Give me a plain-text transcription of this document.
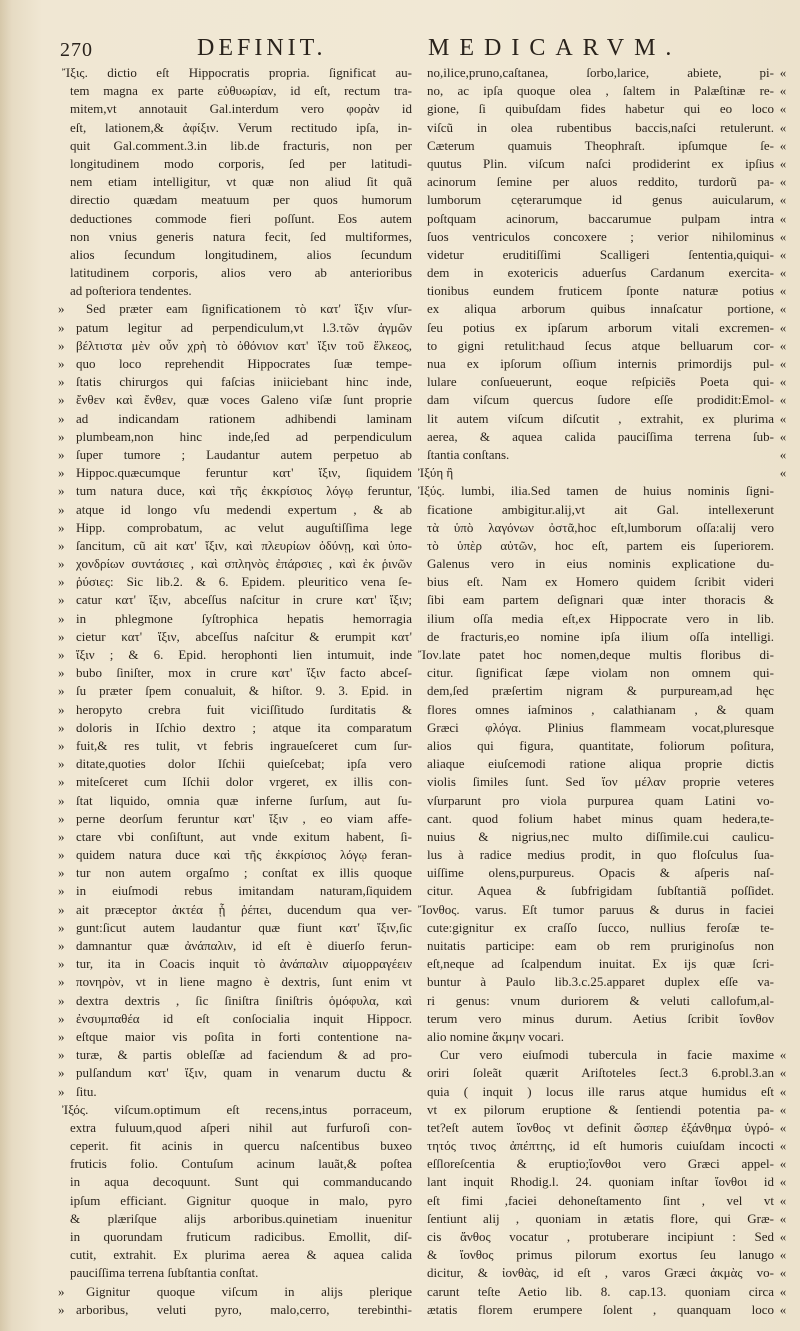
270	DEFINIT.	MEDICARVM.
Ἴξις. dictio eſt Hippocratis propria. ſignificat au-
tem magna ex parte εὐθυωρίαν, id eſt, rectum tra-
mitem,vt annotauit Gal.interdum vero φορὰν id
eſt, lationem,& ἀφίξιν. Verum rectitudo ipſa, in-
quit Gal.comment.3.in lib.de fracturis, non per
longitudinem modo corporis, ſed per latitudi-
nem etiam intelligitur, vt quæ non aliud ſit quã
directio quædam meatuum per quos humorum
deductiones commode fieri poſſunt. Eos autem
non vnius generis natura fecit, ſed multiformes,
alios ſecundum longitudinem, alios ſecundum
latitudinem corporis, alios vero ab anterioribus
ad poſteriora tendentes.
»	Sed præter eam ſignificationem τὸ κατ' ἴξιν vſur-
» patum legitur ad perpendiculum,vt l.3.τῶν ἀγμῶν
» βέλτιστα μὲν οὖν χρὴ τὸ ὀθόνιον κατ' ἴξιν τοῦ ἕλκεος,
» quo loco reprehendit Hippocrates ſuæ tempe-
» ſtatis chirurgos qui faſcias iniiciebant hinc inde,
» ἔνθεν καὶ ἔνθεν, quæ voces Galeno viſæ ſunt proprie
» ad indicandam rationem adhibendi laminam
» plumbeam,non hinc inde,ſed ad perpendiculum
» ſuper tumore ; Laudantur autem perpetuo ab
» Hippoc.quæcumque feruntur κατ' ἴξιν, ſiquidem
» tum natura duce, καὶ τῆς ἐκκρίσιος λόγῳ feruntur,
» atque id longo vſu medendi expertum , & ab
» Hipp. comprobatum, ac velut auguſtiſſima lege
» ſancitum, cũ ait κατ' ἴξιν, καὶ πλευρίων ὀδύνῃ, καὶ ὑπο-
» χονδρίων συντάσιες , καὶ σπληνὸς ἐπάρσιες , καὶ ἐκ ῥινῶν
» ῥύσιες: Sic lib.2. & 6. Epidem. pleuritico vena ſe-
» catur κατ' ἴξιν, abceſſus naſcitur in crure κατ' ἴξιν;
» in phlegmone ſyſtrophica hepatis hemorragia
» cietur κατ' ἴξιν, abceſſus naſcitur & erumpit κατ'
» ἴξιν ; & 6. Epid. herophonti lien intumuit, inde
» bubo ſiniſter, mox in crure κατ' ἴξιν facto abceſ-
» ſu præter ſpem conualuit, & hiſtor. 9. 3. Epid. in
» heropyto crebra fuit viciſſitudo ſurditatis &
» doloris in Iſchio dextro ; atque ita comparatum
» fuit,& res tulit, vt febris ingraueſceret cum ſur-
» ditate,quoties dolor Iſchii quieſcebat; ipſa vero
» miteſceret cum Iſchii dolor vrgeret, ex illis con-
» ſtat liquido, omnia quæ inferne ſurſum, aut ſu-
» perne deorſum feruntur κατ' ἴξιν , eo viam affe-
» ctare vbi conſiſtunt, aut vnde exitum habent, ſi-
» quidem natura duce καὶ τῆς ἐκκρίσιος λόγῳ feran-
» tur non autem orgaſmo ; conſtat ex illis quoque
» in eiuſmodi rebus imitandam naturam,ſiquidem
» ait præceptor ἀκτέα ᾗ ῥέπει, ducendum qua ver-
» gunt:ſicut autem laudantur quæ fiunt κατ' ἴξιν,ſic
» damnantur quæ ἀνάπαλιν, id eſt è diuerſo ferun-
» tur, ita in Coacis inquit τὸ ἀνάπαλιν αἱμορραγέειν
» πονηρὸν, vt in liene magno è dextris, ſunt enim vt
» dextra dextris , ſic ſiniſtra ſiniſtris ὁμόφυλα, καὶ
» ἐνσυμπαθέα id eſt conſocialia inquit Hippocr.
» eſtque maior vis poſita in forti contentione na-
» turæ, & partis obleſſæ ad faciendum & ad pro-
» pulſandum κατ' ἴξιν, quam in venarum ductu &
» ſitu.
Ἰξός. viſcum.optimum eſt recens,intus porraceum,
extra fuluum,quod aſperi nihil aut furfuroſi con-
ceperit. fit acinis in quercu naſcentibus buxeo
fruticis folio. Contuſum acinum lauãt,& poſtea
in aqua decoquunt. Sunt qui commanducando
ipſum efficiant. Gignitur quoque in malo, pyro
& plæriſque alijs arboribus.quinetiam inuenitur
in quorundam fruticum radicibus. Emollit, diſ-
cutit, extrahit. Ex plurima aerea & aquea calida
pauciſſima terrena ſubſtantia conſtat.
»	Gignitur quoque viſcum in alijs plerique
» arboribus, veluti pyro, malo,cerro, terebinthi-
no,ilice,pruno,caſtanea, ſorbo,larice, abiete, pi- «
no, ac ipſa quoque olea , ſaltem in Palæſtinæ re- «
gione, ſi quibuſdam fides habetur qui eo loco «
viſcũ in olea rubentibus baccis,naſci retulerunt. «
Cæterum quamuis Theophraſt. ipſumque ſe- «
quutus Plin. viſcum naſci prodiderint ex ipſius «
acinorum ſemine per aluos reddito, turdorũ pa- «
lumborum cęterarumque id genus auicularum, «
poſtquam acinorum, baccarumue pulpam intra «
ſuos ventriculos concoxere ; verior nihilominus «
videtur eruditiſſimi Scalligeri ſententia,quiqui- «
dem in exotericis aduerſus Cardanum exercita- «
tionibus eundem fruticem ſponte naturæ potius «
ex aliqua arborum quibus innaſcatur portione, «
ſeu potius ex ipſarum arborum vitali excremen- «
to gigni retulit:haud ſecus atque belluarum cor- «
nua ex ipſorum oſſium internis primordijs pul- «
lulare conſueuerunt, eoque reſpiciẽs Poeta qui- «
dam viſcum quercus ſudore eſſe prodidit:Emol- «
lit autem viſcum diſcutit , extrahit, ex plurima «
aerea, & aquea calida pauciſſima terrena ſub- «
ſtantia conſtans.	«
Ἰξύη ἢ	«
Ἰξύς. lumbi, ilia.Sed tamen de huius nominis ſigni-
ficatione ambigitur.alij,vt ait Gal. intellexerunt
τὰ ὑπὸ λαγόνων ὀστᾶ,hoc eſt,lumborum oſſa:alij vero
τὸ ὑπὲρ αὐτῶν, hoc eſt, partem eis ſuperiorem.
Galenus vero in eius nominis explicatione du-
bius eſt. Nam ex Homero quidem ſcribit videri
ſibi eam partem deſignari quæ inter thoracis &
ilium oſſa media eſt,ex Hippocrate vero in lib.
de fracturis,eo nomine ipſa ilium oſſa intelligi.
Ἴον.late patet hoc nomen,deque multis floribus di-
citur. ſignificat ſæpe violam non omnem qui-
dem,ſed præſertim nigram & purpuream,ad hęc
flores omnes iaſminos , calathianam , & quam
Græci φλόγα. Plinius flammeam vocat,pluresque
alios qui figura, quantitate, foliorum poſitura,
aliaque eiuſcemodi ratione aliqua proprie dictis
violis ſimiles ſunt. Sed ἴον μέλαν proprie veteres
vſurparunt pro viola purpurea quam Latini vo-
cant. quod folium habet minus quam hedera,te-
nuius & nigrius,nec multo diſſimile.cui caulicu-
lus à radice medius prodit, in quo floſculus ſua-
uiſſime olens,purpureus. Opacis & aſperis naſ-
citur. Aquea & ſubfrigidam ſubſtantiã poſſidet.
Ἴονθος. varus. Eſt tumor paruus & durus in faciei
cute:gignitur ex craſſo ſucco, nullius feroſæ te-
nuitatis participe: eam ob rem pruriginoſus non
eſt,neque ad ſcalpendum inuitat. Ex ijs quæ ſcri-
buntur à Paulo lib.3.c.25.apparet duplex eſſe va-
ri genus: vnum duriorem & veluti callofum,al-
terum vero minus durum. Aetius ſcribit ἴονθον
alio nomine ἄκμην vocari.
Cur vero eiuſmodi tubercula in facie maxime «
oriri ſoleãt quærit Ariſtoteles ſect.3 6.probl.3.an «
quia ( inquit ) locus ille rarus atque humidus eſt «
vt ex pilorum eruptione & ſentiendi potentia pa- «
tet?eſt autem ἴονθος vt definit ὥσπερ ἐξάνθημα ὑγρό- «
τητός τινος ἀπέπτης, id eſt humoris cuiuſdam incocti «
eſſloreſcentia & eruptio;ἴονθοι vero Græci appel- «
lant inquit Rhodig.l. 24. quoniam inſtar ἴονθοι id «
eſt fimi ,faciei dehoneſtamento ſint , vel vt «
ſentiunt alij , quoniam in ætatis flore, qui Græ- «
cis ἄνθος vocatur , protuberare incipiunt : Sed «
& ἴονθος primus pilorum exortus ſeu lanugo «
dicitur, & ἰονθὰς, id eſt , varos Græci ἀκμὰς vo- «
carunt teſte Aetio lib. 8. cap.13. quoniam circa «
ætatis florem erumpere ſolent , quanquam loco «
